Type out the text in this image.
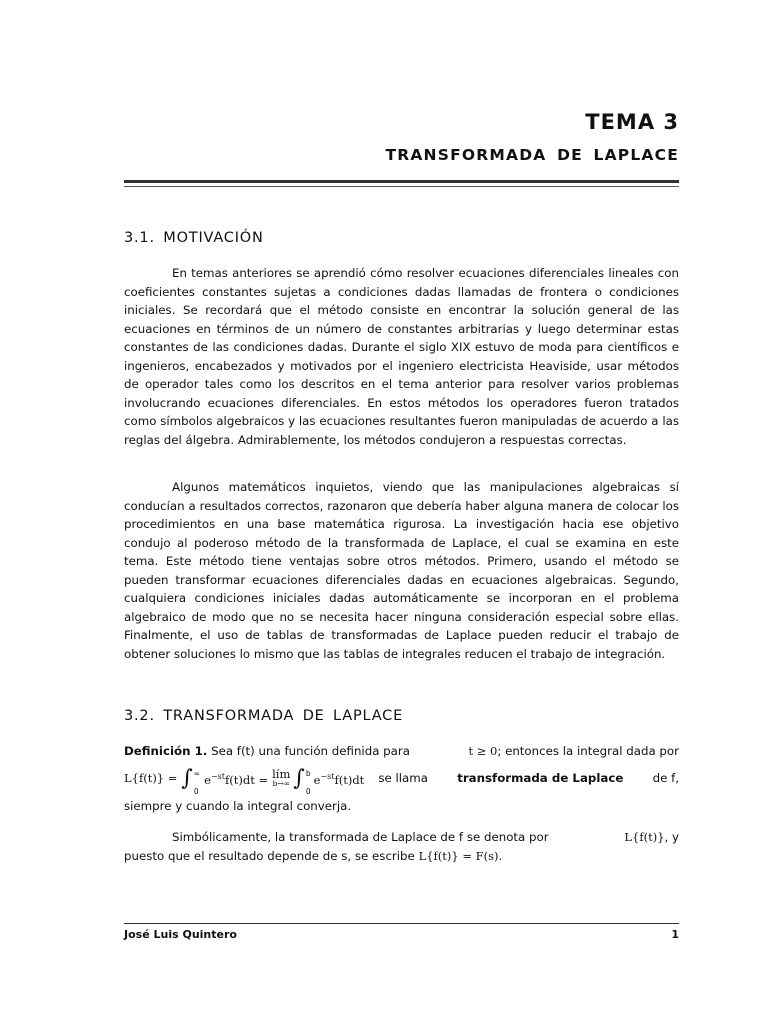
TEMA 3
TRANSFORMADA DE LAPLACE
3.1. MOTIVACIÓN

En temas anteriores se aprendió cómo resolver ecuaciones diferenciales lineales con coeficientes constantes sujetas a condiciones dadas llamadas de frontera o condiciones iniciales. Se recordará que el método consiste en encontrar la solución general de las ecuaciones en términos de un número de constantes arbitrarias y luego determinar estas constantes de las condiciones dadas. Durante el siglo XIX estuvo de moda para científicos e ingenieros, encabezados y motivados por el ingeniero electricista Heaviside, usar métodos de operador tales como los descritos en el tema anterior para resolver varios problemas involucrando ecuaciones diferenciales. En estos métodos los operadores fueron tratados como símbolos algebraicos y las ecuaciones resultantes fueron manipuladas de acuerdo a las reglas del álgebra. Admirablemente, los métodos condujeron a respuestas correctas.

Algunos matemáticos inquietos, viendo que las manipulaciones algebraicas sí conducían a resultados correctos, razonaron que debería haber alguna manera de colocar los procedimientos en una base matemática rigurosa. La investigación hacia ese objetivo condujo al poderoso método de la transformada de Laplace, el cual se examina en este tema. Este método tiene ventajas sobre otros métodos. Primero, usando el método se pueden transformar ecuaciones diferenciales dadas en ecuaciones algebraicas. Segundo, cualquiera condiciones iniciales dadas automáticamente se incorporan en el problema algebraico de modo que no se necesita hacer ninguna consideración especial sobre ellas. Finalmente, el uso de tablas de transformadas de Laplace pueden reducir el trabajo de obtener soluciones lo mismo que las tablas de integrales reducen el trabajo de integración.

3.2. TRANSFORMADA DE LAPLACE
Definición 1. Sea f(t) una función definida para	t ≥ 0; entonces la integral dada por
L{f(t)} = ∫ ∞
0
$e^{-st}f(t)dt$ = lím
b→∞ ∫ b
0
$e^{-st}f(t)dt$ se llama transformada de Laplace de f,
siempre y cuando la integral converja.
Simbólicamente, la transformada de Laplace de f se denota por	L{f(t)}, y
puesto que el resultado depende de s, se escribe
L{f(t)} = F(s) .
José Luis Quintero	1
